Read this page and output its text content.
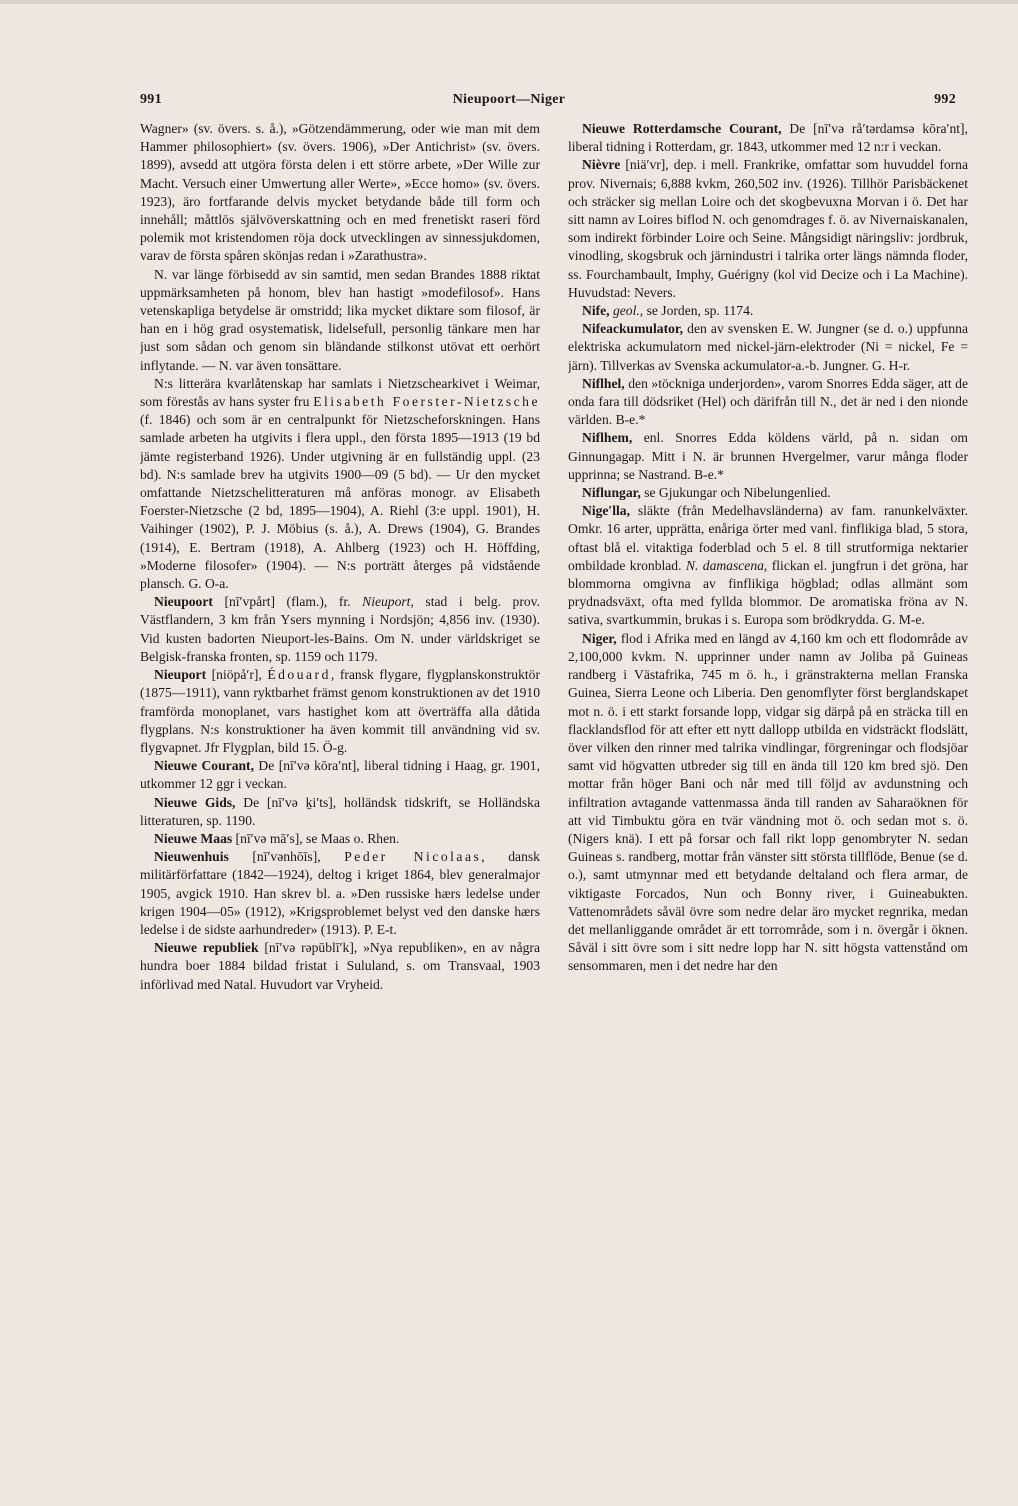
991	Nieupoort—Niger	992

Wagner» (sv. övers. s. å.), »Götzendämmerung, oder wie man mit dem Hammer philosophiert» (sv. övers. 1906), »Der Antichrist» (sv. övers. 1899), avsedd att utgöra första delen i ett större arbete, »Der Wille zur Macht. Versuch einer Umwertung aller Werte», »Ecce homo» (sv. övers. 1923), äro fortfarande delvis mycket betydande både till form och innehåll; måttlös självöverskattning och en med frenetiskt raseri förd polemik mot kristendomen röja dock utvecklingen av sinnessjukdomen, varav de första spåren skönjas redan i »Zarathustra».

N. var länge förbisedd av sin samtid, men sedan Brandes 1888 riktat uppmärksamheten på honom, blev han hastigt »modefilosof». Hans vetenskapliga betydelse är omstridd; lika mycket diktare som filosof, är han en i hög grad osystematisk, lidelsefull, personlig tänkare men har just som sådan och genom sin bländande stilkonst utövat ett oerhört inflytande. — N. var även tonsättare.

N:s litterära kvarlåtenskap har samlats i Nietzschearkivet i Weimar, som förestås av hans syster fru Elisabeth Foerster-Nietzsche (f. 1846) och som är en centralpunkt för Nietzscheforskningen. Hans samlade arbeten ha utgivits i flera uppl., den första 1895—1913 (19 bd jämte registerband 1926). Under utgivning är en fullständig uppl. (23 bd). N:s samlade brev ha utgivits 1900—09 (5 bd). — Ur den mycket omfattande Nietzschelitteraturen må anföras monogr. av Elisabeth Foerster-Nietzsche (2 bd, 1895—1904), A. Riehl (3:e uppl. 1901), H. Vaihinger (1902), P. J. Möbius (s. å.), A. Drews (1904), G. Brandes (1914), E. Bertram (1918), A. Ahlberg (1923) och H. Höffding, »Moderne filosofer» (1904). — N:s porträtt återges på vidstående plansch. G. O-a.

Nieupoort [nī′vpårt] (flam.), fr. Nieuport, stad i belg. prov. Västflandern, 3 km från Ysers mynning i Nordsjön; 4,856 inv. (1930). Vid kusten badorten Nieuport-les-Bains. Om N. under världskriget se Belgisk-franska fronten, sp. 1159 och 1179.

Nieuport [niöpå′r], Édouard, fransk flygare, flygplanskonstruktör (1875—1911), vann ryktbarhet främst genom konstruktionen av det 1910 framförda monoplanet, vars hastighet kom att överträffa alla dåtida flygplans. N:s konstruktioner ha även kommit till användning vid sv. flygvapnet. Jfr Flygplan, bild 15. Ö-g.

Nieuwe Courant, De [nī′və kōra′nt], liberal tidning i Haag, gr. 1901, utkommer 12 ggr i veckan.

Nieuwe Gids, De [nī′və ḵi′ts], holländsk tidskrift, se Holländska litteraturen, sp. 1190.

Nieuwe Maas [nī′və mā′s], se Maas o. Rhen.

Nieuwenhuis [nī′vənhōīs], Peder Nicolaas, dansk militärförfattare (1842—1924), deltog i kriget 1864, blev generalmajor 1905, avgick 1910. Han skrev bl. a. »Den russiske hærs ledelse under krigen 1904—05» (1912), »Krigsproblemet belyst ved den danske hærs ledelse i de sidste aarhundreder» (1913). P. E-t.

Nieuwe republiek [nī′və rəpūblī′k], »Nya republiken», en av några hundra boer 1884 bildad fristat i Sululand, s. om Transvaal, 1903 införlivad med Natal. Huvudort var Vryheid.

Nieuwe Rotterdamsche Courant, De [nī′və rå′tərdamsə kōra′nt], liberal tidning i Rotterdam, gr. 1843, utkommer med 12 n:r i veckan.

Nièvre [niä′vr], dep. i mell. Frankrike, omfattar som huvuddel forna prov. Nivernais; 6,888 kvkm, 260,502 inv. (1926). Tillhör Parisbäckenet och sträcker sig mellan Loire och det skogbevuxna Morvan i ö. Det har sitt namn av Loires biflod N. och genomdrages f. ö. av Nivernaiskanalen, som indirekt förbinder Loire och Seine. Mångsidigt näringsliv: jordbruk, vinodling, skogsbruk och järnindustri i talrika orter längs nämnda floder, ss. Fourchambault, Imphy, Guérigny (kol vid Decize och i La Machine). Huvudstad: Nevers.

Nife, geol., se Jorden, sp. 1174.

Nifeackumulator, den av svensken E. W. Jungner (se d. o.) uppfunna elektriska ackumulatorn med nickel-järn-elektroder (Ni = nickel, Fe = järn). Tillverkas av Svenska ackumulator-a.-b. Jungner. G. H-r.

Niflhel, den »töckniga underjorden», varom Snorres Edda säger, att de onda fara till dödsriket (Hel) och därifrån till N., det är ned i den nionde världen. B-e.*

Niflhem, enl. Snorres Edda köldens värld, på n. sidan om Ginnungagap. Mitt i N. är brunnen Hvergelmer, varur många floder upprinna; se Nastrand. B-e.*

Niflungar, se Gjukungar och Nibelungenlied.

Nige′lla, släkte (från Medelhavsländerna) av fam. ranunkelväxter. Omkr. 16 arter, upprätta, enåriga örter med vanl. finflikiga blad, 5 stora, oftast blå el. vitaktiga foderblad och 5 el. 8 till strutformiga nektarier ombildade kronblad. N. damascena, flickan el. jungfrun i det gröna, har blommorna omgivna av finflikiga högblad; odlas allmänt som prydnadsväxt, ofta med fyllda blommor. De aromatiska fröna av N. sativa, svartkummin, brukas i s. Europa som brödkrydda. G. M-e.

Niger, flod i Afrika med en längd av 4,160 km och ett flodområde av 2,100,000 kvkm. N. upprinner under namn av Joliba på Guineas randberg i Västafrika, 745 m ö. h., i gränstrakterna mellan Franska Guinea, Sierra Leone och Liberia. Den genomflyter först berglandskapet mot n. ö. i ett starkt forsande lopp, vidgar sig därpå på en sträcka till en flacklandsflod för att efter ett nytt dallopp utbilda en vidsträckt flodslätt, över vilken den rinner med talrika vindlingar, förgreningar och flodsjöar samt vid högvatten utbreder sig till en ända till 120 km bred sjö. Den mottar från höger Bani och når med till följd av avdunstning och infiltration avtagande vattenmassa ända till randen av Saharaöknen för att vid Timbuktu göra en tvär vändning mot ö. och sedan mot s. ö. (Nigers knä). I ett på forsar och fall rikt lopp genombryter N. sedan Guineas s. randberg, mottar från vänster sitt största tillflöde, Benue (se d. o.), samt utmynnar med ett betydande deltaland och flera armar, de viktigaste Forcados, Nun och Bonny river, i Guineabukten. Vattenområdets såväl övre som nedre delar äro mycket regnrika, medan det mellanliggande området är ett torrområde, som i n. övergår i öknen. Såväl i sitt övre som i sitt nedre lopp har N. sitt högsta vattenstånd om sensommaren, men i det nedre har den
